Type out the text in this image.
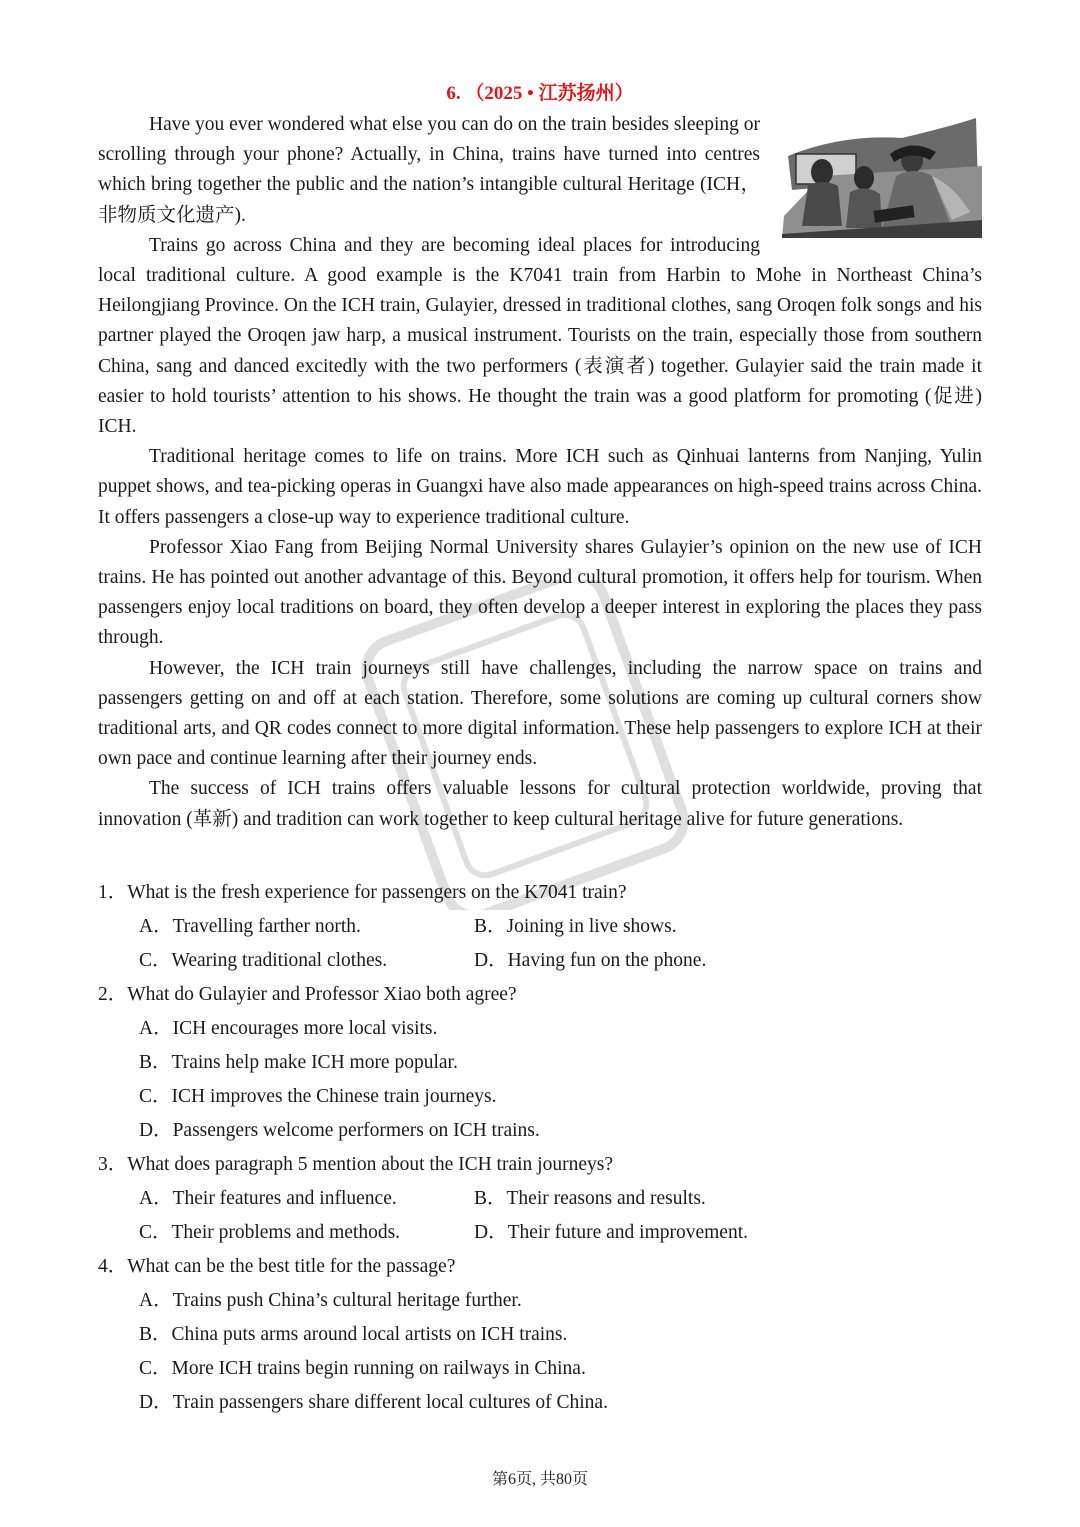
6. （2025 • 江苏扬州）

Have you ever wondered what else you can do on the train besides sleeping or scrolling through your phone? Actually, in China, trains have turned into centres which bring together the public and the nation’s intangible cultural Heritage (ICH，非物质文化遗产).

Trains go across China and they are becoming ideal places for introducing local traditional culture. A good example is the K7041 train from Harbin to Mohe in Northeast China’s Heilongjiang Province. On the ICH train, Gulayier, dressed in traditional clothes, sang Oroqen folk songs and his partner played the Oroqen jaw harp, a musical instrument. Tourists on the train, especially those from southern China, sang and danced excitedly with the two performers (表演者) together. Gulayier said the train made it easier to hold tourists’ attention to his shows. He thought the train was a good platform for promoting (促进) ICH.

Traditional heritage comes to life on trains. More ICH such as Qinhuai lanterns from Nanjing, Yulin puppet shows, and tea-picking operas in Guangxi have also made appearances on high-speed trains across China. It offers passengers a close-up way to experience traditional culture.

Professor Xiao Fang from Beijing Normal University shares Gulayier’s opinion on the new use of ICH trains. He has pointed out another advantage of this. Beyond cultural promotion, it offers help for tourism. When passengers enjoy local traditions on board, they often develop a deeper interest in exploring the places they pass through.

However, the ICH train journeys still have challenges, including the narrow space on trains and passengers getting on and off at each station. Therefore, some solutions are coming up cultural corners show traditional arts, and QR codes connect to more digital information. These help passengers to explore ICH at their own pace and continue learning after their journey ends.

The success of ICH trains offers valuable lessons for cultural protection worldwide, proving that innovation (革新) and tradition can work together to keep cultural heritage alive for future generations.

1．What is the fresh experience for passengers on the K7041 train?
A．Travelling farther north.	B．Joining in live shows.
C．Wearing traditional clothes.	D．Having fun on the phone.
2．What do Gulayier and Professor Xiao both agree?
A．ICH encourages more local visits.
B．Trains help make ICH more popular.
C．ICH improves the Chinese train journeys.
D．Passengers welcome performers on ICH trains.
3．What does paragraph 5 mention about the ICH train journeys?
A．Their features and influence.	B．Their reasons and results.
C．Their problems and methods.	D．Their future and improvement.
4．What can be the best title for the passage?
A．Trains push China’s cultural heritage further.
B．China puts arms around local artists on ICH trains.
C．More ICH trains begin running on railways in China.
D．Train passengers share different local cultures of China.
第6页, 共80页
